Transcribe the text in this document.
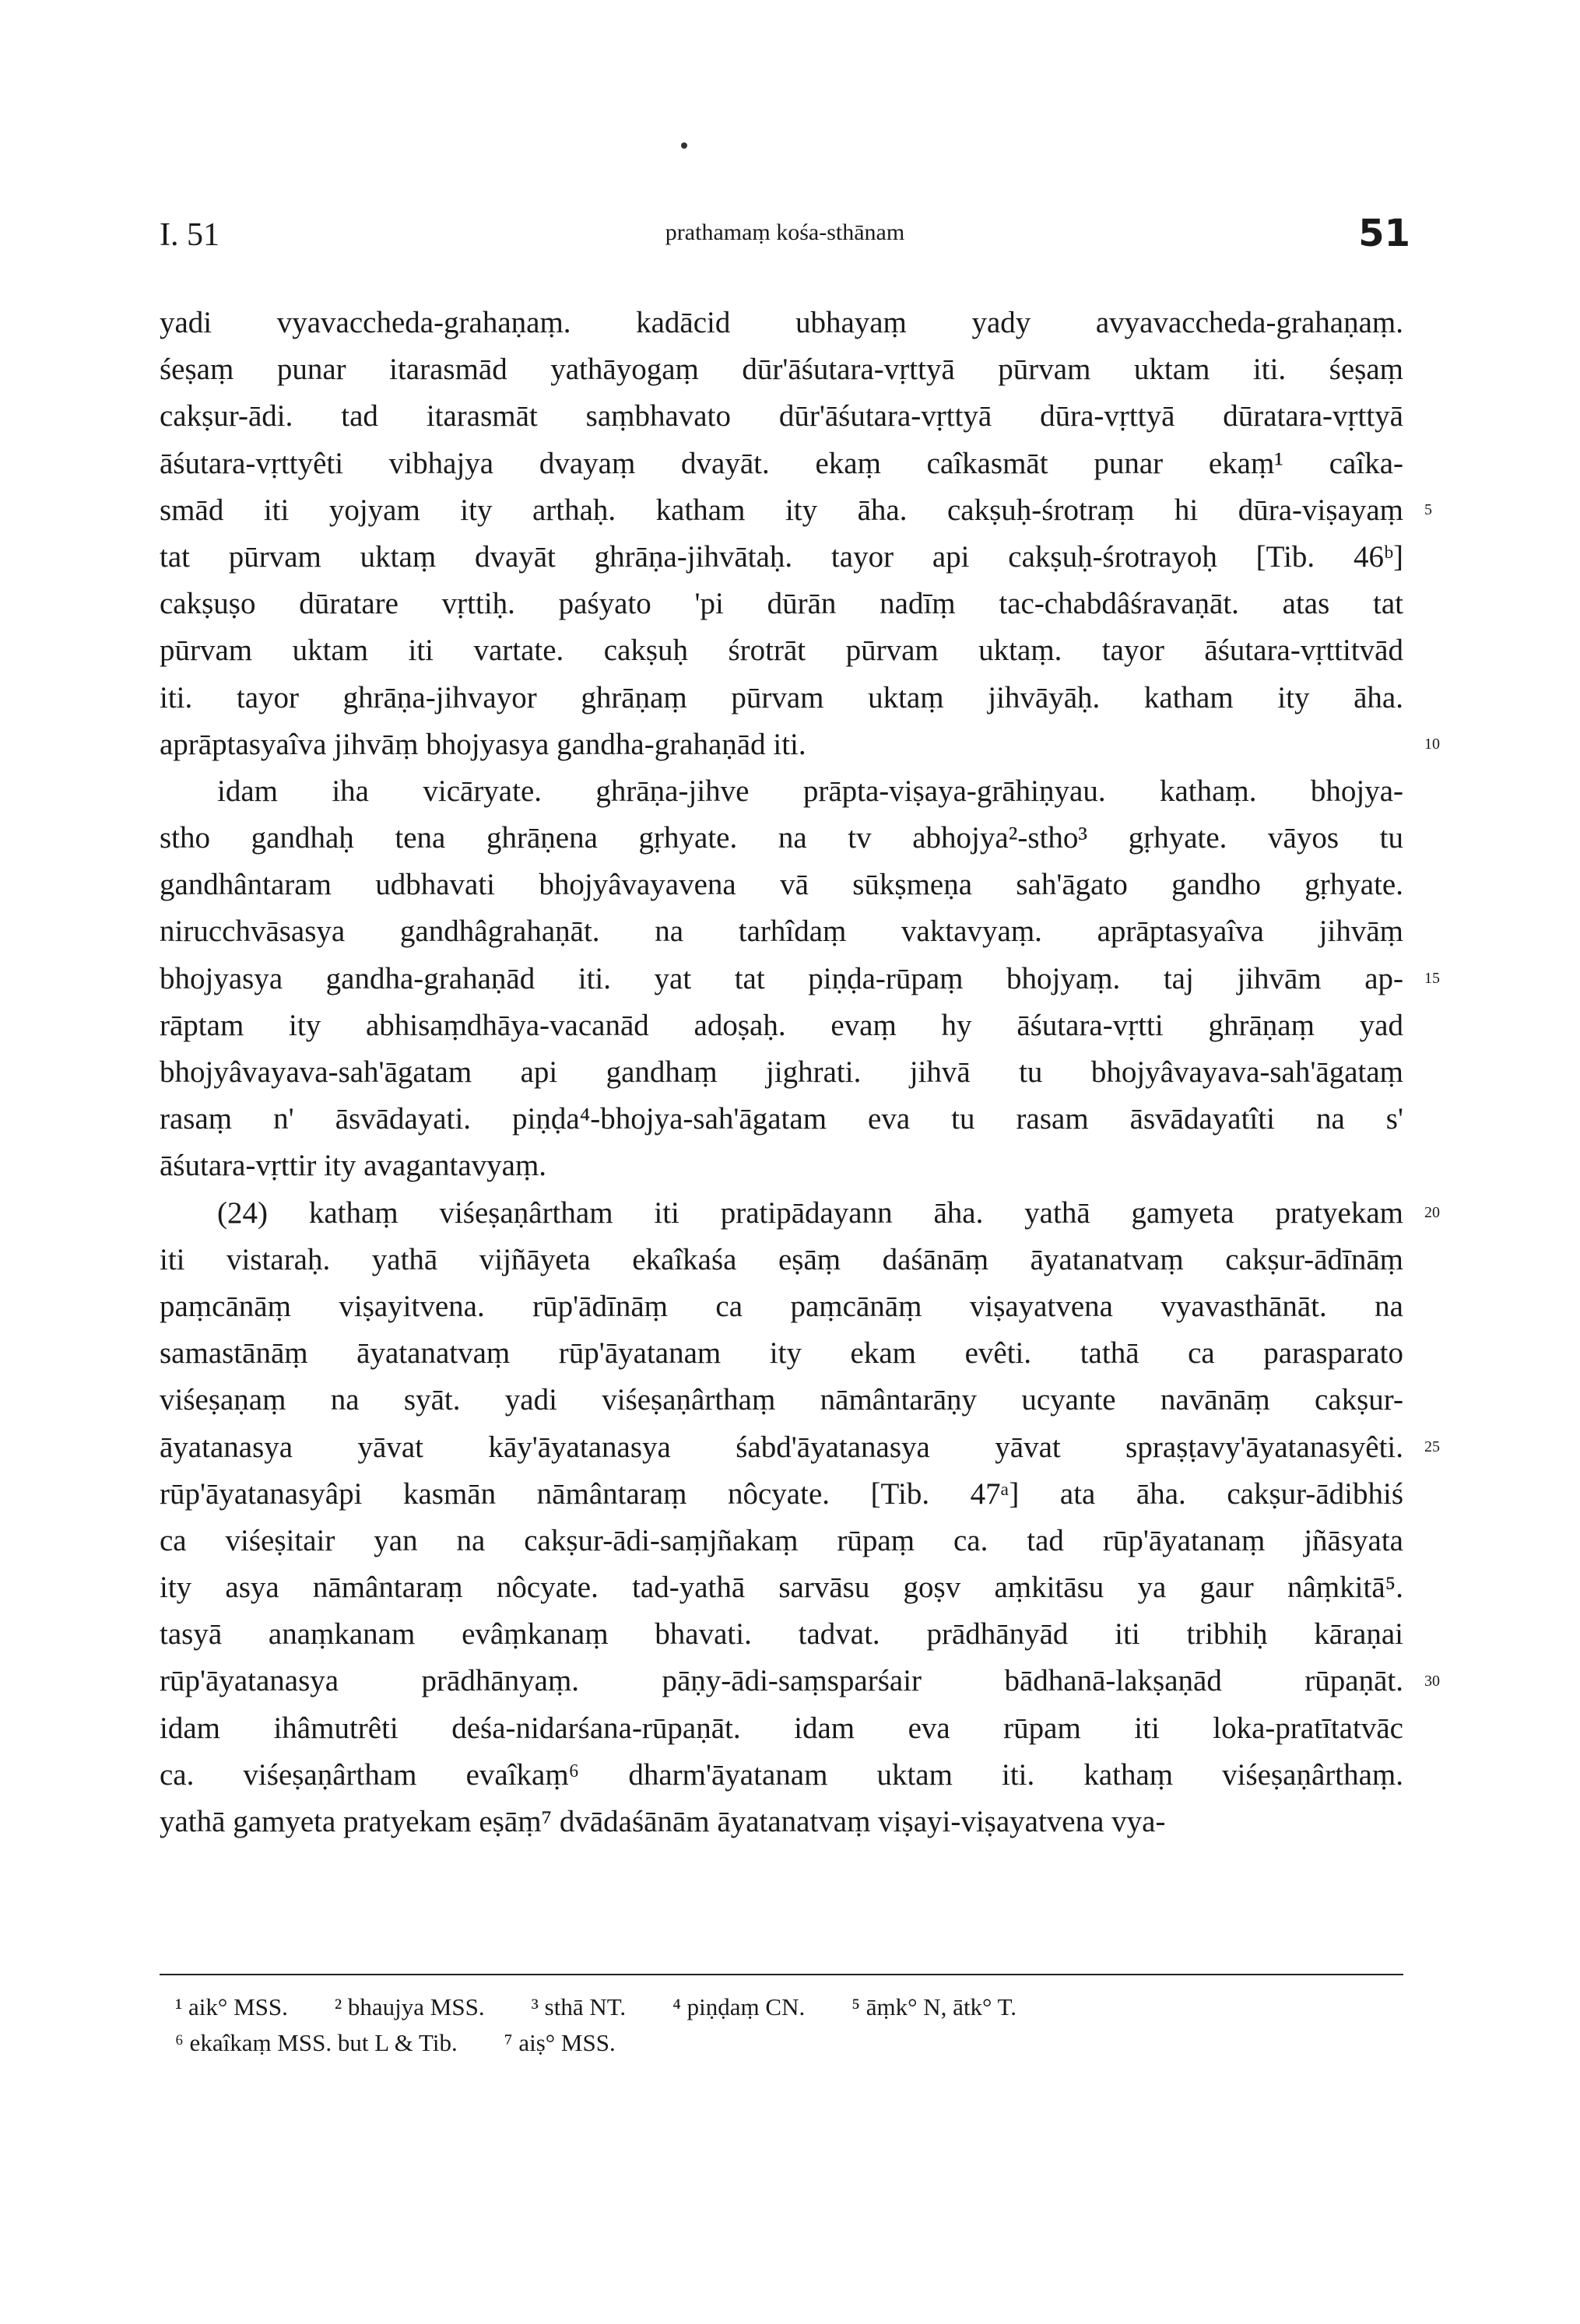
I. 51	prathamaṃ kośa-sthānam	51
yadi vyavaccheda-grahaṇaṃ. kadācid ubhayaṃ yady avyavaccheda-grahaṇaṃ.
śeṣaṃ punar itarasmād yathāyogaṃ dūr'āśutara-vṛttyā pūrvam uktam iti. śeṣaṃ
cakṣur-ādi. tad itarasmāt saṃbhavato dūr'āśutara-vṛttyā dūra-vṛttyā dūratara-vṛttyā
āśutara-vṛttyêti vibhajya dvayaṃ dvayāt. ekaṃ caîkasmāt punar ekaṃ¹ caîka-
smād iti yojyam ity arthaḥ. katham ity āha. cakṣuḥ-śrotraṃ hi dūra-viṣayaṃ
tat pūrvam uktaṃ dvayāt ghrāṇa-jihvātaḥ. tayor api cakṣuḥ-śrotrayoḥ [Tib. 46ᵇ]
cakṣuṣo dūratare vṛttiḥ. paśyato 'pi dūrān nadīṃ tac-chabdâśravaṇāt. atas tat
pūrvam uktam iti vartate. cakṣuḥ śrotrāt pūrvam uktaṃ. tayor āśutara-vṛttitvād
iti. tayor ghrāṇa-jihvayor ghrāṇaṃ pūrvam uktaṃ jihvāyāḥ. katham ity āha.
aprāptasyaîva jihvāṃ bhojyasya gandha-grahaṇād iti.
idam iha vicāryate. ghrāṇa-jihve prāpta-viṣaya-grāhiṇyau. kathaṃ. bhojya-
stho gandhaḥ tena ghrāṇena gṛhyate. na tv abhojya²-stho³ gṛhyate. vāyos tu
gandhântaram udbhavati bhojyâvayavena vā sūkṣmeṇa sah'āgato gandho gṛhyate.
nirucchvāsasya gandhâgrahaṇāt. na tarhîdaṃ vaktavyaṃ. aprāptasyaîva jihvāṃ
bhojyasya gandha-grahaṇād iti. yat tat piṇḍa-rūpaṃ bhojyaṃ. taj jihvām ap-
rāptam ity abhisaṃdhāya-vacanād adoṣaḥ. evaṃ hy āśutara-vṛtti ghrāṇaṃ yad
bhojyâvayava-sah'āgatam api gandhaṃ jighrati. jihvā tu bhojyâvayava-sah'āgataṃ
rasaṃ n' āsvādayati. piṇḍa⁴-bhojya-sah'āgatam eva tu rasam āsvādayatîti na s'
āśutara-vṛttir ity avagantavyaṃ.
(24) kathaṃ viśeṣaṇârtham iti pratipādayann āha. yathā gamyeta pratyekam
iti vistaraḥ. yathā vijñāyeta ekaîkaśa eṣāṃ daśānāṃ āyatanatvaṃ cakṣur-ādīnāṃ
paṃcānāṃ viṣayitvena. rūp'ādīnāṃ ca paṃcānāṃ viṣayatvena vyavasthānāt. na
samastānāṃ āyatanatvaṃ rūp'āyatanam ity ekam evêti. tathā ca parasparato
viśeṣaṇaṃ na syāt. yadi viśeṣaṇârthaṃ nāmântarāṇy ucyante navānāṃ cakṣur-
āyatanasya yāvat kāy'āyatanasya śabd'āyatanasya yāvat spraṣṭavy'āyatanasyêti.
rūp'āyatanasyâpi kasmān nāmântaraṃ nôcyate. [Tib. 47ᵃ] ata āha. cakṣur-ādibhiś
ca viśeṣitair yan na cakṣur-ādi-saṃjñakaṃ rūpaṃ ca. tad rūp'āyatanaṃ jñāsyata
ity asya nāmântaraṃ nôcyate. tad-yathā sarvāsu goṣv aṃkitāsu ya gaur nâṃkitā⁵.
tasyā anaṃkanam evâṃkanaṃ bhavati. tadvat. prādhānyād iti tribhiḥ kāraṇai
rūp'āyatanasya prādhānyaṃ. pāṇy-ādi-saṃsparśair bādhanā-lakṣaṇād rūpaṇāt.
idam ihâmutrêti deśa-nidarśana-rūpaṇāt. idam eva rūpam iti loka-pratītatvāc
ca. viśeṣaṇârtham evaîkaṃ⁶ dharm'āyatanam uktam iti. kathaṃ viśeṣaṇârthaṃ.
yathā gamyeta pratyekam eṣāṃ⁷ dvādaśānām āyatanatvaṃ viṣayi-viṣayatvena vya-
5
10
15
20
25
30
¹ aik° MSS. ² bhaujya MSS. ³ sthā NT. ⁴ piṇḍaṃ CN. ⁵ āṃk° N, ātk° T.
⁶ ekaîkaṃ MSS. but L & Tib. ⁷ aiṣ° MSS.
